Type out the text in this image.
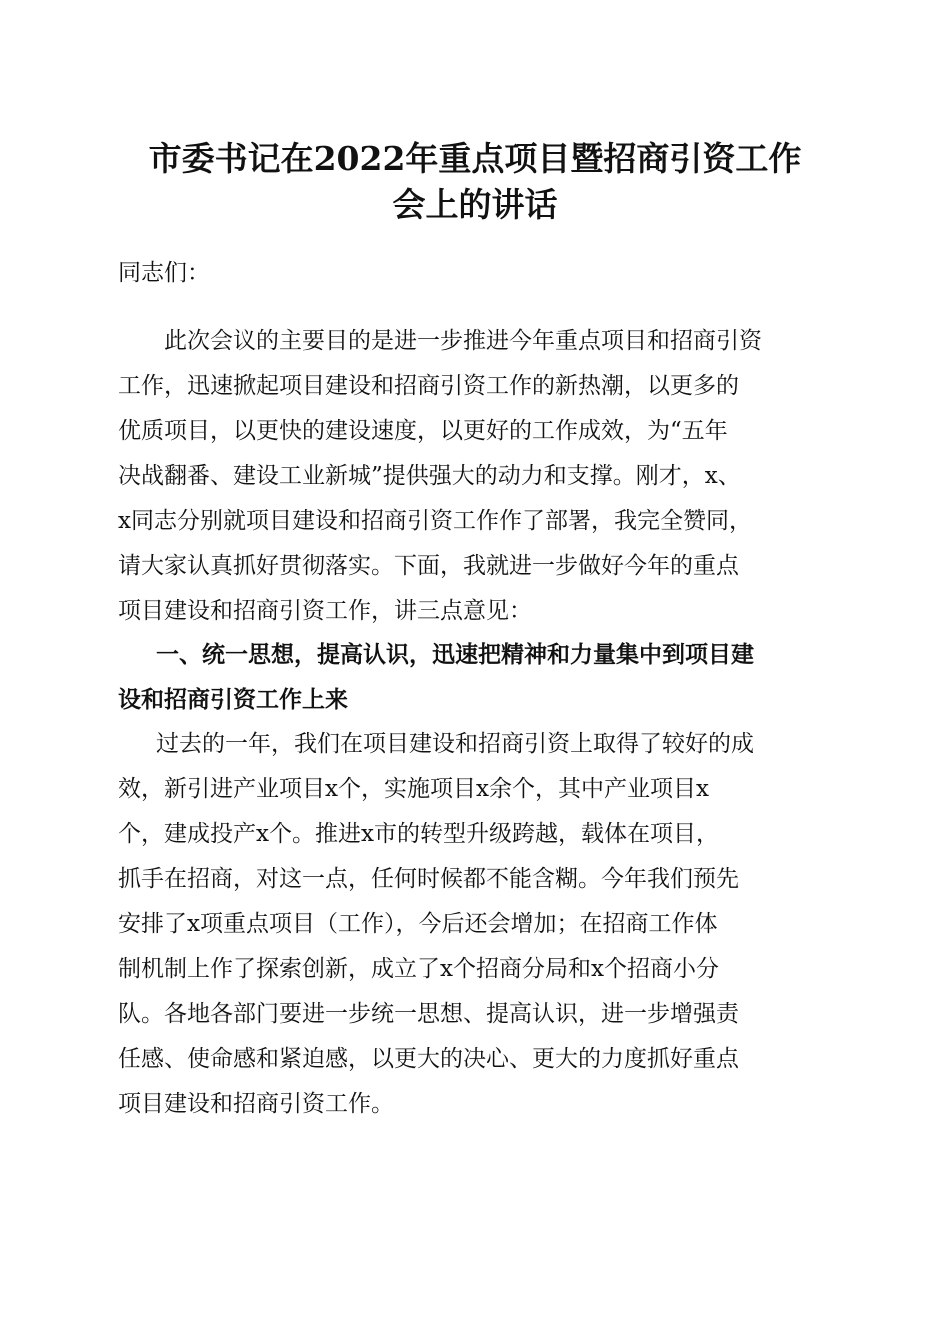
市委书记在2022年重点项目暨招商引资工作
会上的讲话

同志们：

此次会议的主要目的是进一步推进今年重点项目和招商引资
工作，迅速掀起项目建设和招商引资工作的新热潮，以更多的
优质项目，以更快的建设速度，以更好的工作成效，为“五年
决战翻番、建设工业新城”提供强大的动力和支撑。刚才，x、
x同志分别就项目建设和招商引资工作作了部署，我完全赞同，
请大家认真抓好贯彻落实。下面，我就进一步做好今年的重点
项目建设和招商引资工作，讲三点意见：
一、统一思想，提高认识，迅速把精神和力量集中到项目建
设和招商引资工作上来
过去的一年，我们在项目建设和招商引资上取得了较好的成
效，新引进产业项目x个，实施项目x余个，其中产业项目x
个，建成投产x个。推进x市的转型升级跨越，载体在项目，
抓手在招商，对这一点，任何时候都不能含糊。今年我们预先
安排了x项重点项目（工作），今后还会增加；在招商工作体
制机制上作了探索创新，成立了x个招商分局和x个招商小分
队。各地各部门要进一步统一思想、提高认识，进一步增强责
任感、使命感和紧迫感，以更大的决心、更大的力度抓好重点
项目建设和招商引资工作。
